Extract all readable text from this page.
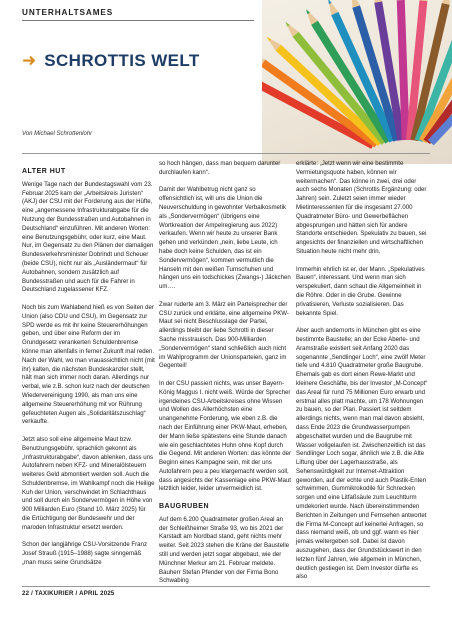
UNTERHALTSAMES
➜ SCHROTTIS WELT
Von Michael Schrottenlohr
ALTER HUT

Wenige Tage nach der Bundestagswahl vom 23. Februar 2025 kam der „Arbeitskreis Juristen“ (AKJ) der CSU mit der Forderung aus der Hüfte, eine „angemessene Infrastrukturabgabe für die Nutzung der Bundesstraßen und Autobahnen in Deutschland“ einzuführen. Mit anderen Worten: eine Benutzungsgebühr, oder kurz, eine Maut. Nur, im Gegensatz zu den Plänen der damaligen Bundesverkehrsminister Dobrindt und Scheuer (beide CSU), nicht nur als „Ausländermaut“ für Autobahnen, sondern zusätzlich auf Bundesstraßen und auch für die Fahrer in Deutschland zugelassener KFZ.

Noch bis zum Wahlabend hieß es von Seiten der Union (also CDU und CSU), im Gegensatz zur SPD werde es mit ihr keine Steuererhöhungen geben, und über eine Reform der im Grundgesetz verankerten Schuldenbremse könne man allenfalls in ferner Zukunft mal reden. Nach der Wahl, wo man vrauassichtlich nicht (mit ihr) kalten, die nächsten Bundeskanzler stellt, hält man sich immer noch daran. Allerdings nur verbal, wie z.B. schon kurz nach der deutschen Wiedervereinigung 1990, als man uns eine allgemeine Steuererhöhung mit vor Rührung gefeuchteten Augen als „Solidaritätszuschlag“ verkaufte.

Jetzt also soll eine allgemeine Maut bzw. Benutzungsgebühr, sprachlich gekonnt als „Infrastrukturabgabe“, davon ablenken, dass uns Autofahrern neben KFZ- und Mineralölsteuern weiteres Geld abmontiert werden soll. Auch die Schuldenbremse, im Wahlkampf noch die Heilige Kuh der Union, verschwindet im Schlachthaus und soll durch ein Sondervermögen in Höhe von 900 Milliarden Euro (Stand 10. März 2025) für die Ertüchtigung der Bundeswehr und der maroden Infrastruktur ersetzt werden.

Schon der langjährige CSU-Vorsitzende Franz Josef Strauß (1915–1988) sagte sinngemäß „man muss seine Grundsätze

so hoch hängen, dass man bequem darunter durchlaufen kann“.

Damit der Wahlbetrug nicht ganz so offensichtlich ist, will uns die Union die Neuverschuldung in gewohnter Verbalkosmetik als „Sondervermögen“ (übrigens eine Wortkreation der Ampelregierung aus 2022) verkaufen. Wenn wir heute zu unserer Bank gehen und verkünden „nein, liebe Leute, ich habe doch keine Schulden, das ist ein Sondervermögen“, kommen vermutlich die Hanseln mit den weißen Turnschuhen und hängen uns ein todschickes (Zwangs-) Jäckchen um….

Zwar ruderte am 3. März ein Parteisprecher der CSU zurück und erklärte, eine allgemeine PKW-Maut sei nicht Beschlusslage der Partei, allerdings bleibt der liebe Schrotti in dieser Sache misstrauisch. Das 900-Milliarden „Sondervermögen“ stand schließlich auch nicht im Wahlprogramm der Unionsparteien, ganz im Gegenteil!

In der CSU passiert nichts, was unser Bayern-König Maggus I. nicht weiß. Würde der Sprecher irgendeines CSU-Arbeitskreises ohne Wissen und Wollen des Allerhöchsten eine unangenehme Forderung, wie eben z.B. die nach der Einführung einer PKW-Maut, erheben, der Mann ließe spätestens eine Stunde danach wie ein geschlachtetes Huhn ohne Kopf durch die Gegend. Mit anderen Worten: das könnte der Beginn eines Kampagne sein, mit der uns Autofahrern peu a peu klargemacht werden soll, dass angesichts der Kassenlage eine PKW-Maut letztlich leider, leider unvermeidlich ist.

BAUGRUBEN

Auf dem 6.200 Quadratmeter großen Areal an der Schleißheimer Straße 93, wo bis 2021 der Karstadt am Nordbad stand, geht nichts mehr weiter. Seit 2023 stehen die Kräne der Baustelle still und werden jetzt sogar abgebaut, wie der Münchner Merkur am 21. Februar meldete. Bauherr Stefan Pfender von der Firma Bono Schwabing

erklärte: „Jetzt wenn wir eine bestimmte Vermietungsquote haben, können wir weitermachen“. Das könne in zwei, drei oder auch sechs Monaten (Schrottis Ergänzung: oder Jahren) sein. Zuletzt seien immer wieder Mietinteressenten für die insgesamt 27.000 Quadratmeter Büro- und Gewerbeflächen abgesprungen und hätten sich für andere Standorte entschieden. Spekulativ zu bauen, sei angesichts der finanziellen und wirtschaftlichen Situation heute nicht mehr drin.

Immerhin ehrlich ist er, der Mann. „Spekulatives Bauen“, interessant. Und wenn man sich verspekuliert, dann schaut die Allgemeinheit in die Röhre. Oder in die Grube. Gewinne privatisieren, Verluste sozialisieren. Das bekannte Spiel.

Aber auch andernorts in München gibt es eine bestimmte Baustelle; an der Ecke Aberle- und Aramstraße existiert seit Anfang 2020 das sogenannte „Sendlinger Loch“, eine zwölf Meter tiefe und 4.810 Quadratmeter große Baugrube. Ehemals gab es dort einen Rewe-Markt und kleinere Geschäfte, bis der Investor „M-Concept“ das Areal für rund 75 Millionen Euro erwarb und erstmal alles platt machte, um 178 Wohnungen zu bauen, so der Plan. Passiert ist seitdem allerdings nichts, wenn man mal davon absieht, dass Ende 2023 die Grundwasserpumpen abgeschaltet wurden und die Baugrube mit Wasser vollgelaufen ist. Zwischenzeitlich ist das Sendlinger Loch sogar, ähnlich wie z.B. die Alte Liftung über der Lagerhausstraße, als Sehenswürdigkeit zur Internet-Attraktion geworden, auf der echte und auch Plastik-Enten schwimmen, Gummikrokodile für Schrecken sorgen und eine Litfaßsäule zum Leuchtturm umdekoriert wurde. Nach übereinstimmenden Berichten in Zeitungen und Fernsehen antwortet die Firma M-Concept auf keinerlei Anfragen, so dass niemand weiß, ob und ggf. wann es hier jemals weitergeben soll. Dabei ist davon auszugehen, dass der Grundstückswert in den letzten fünf Jahren, wie allgemein in München, deutlich gestiegen ist. Dem Investor dürfte es also

22 / TAXIKURIER / APRIL 2025
